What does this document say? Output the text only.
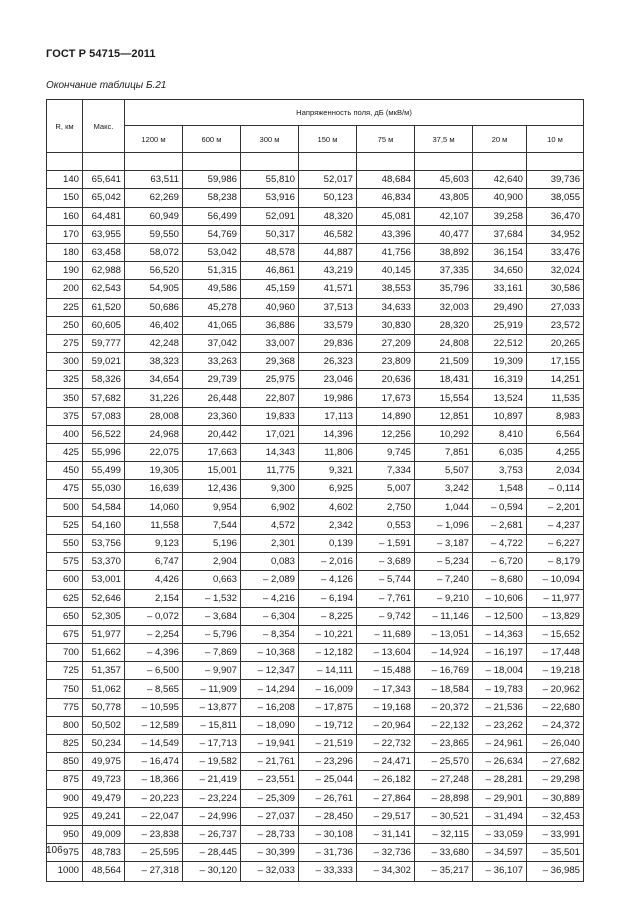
ГОСТ Р 54715—2011
Окончание таблицы Б.21
R, км	Макс.	Напряженность поля, дБ (мкВ/м)							
		1200 м	600 м	300 м	150 м	75 м	37,5 м	20 м	10 м

140	65,641	63,511	59,986	55,810	52,017	48,684	45,603	42,640	39,736
150	65,042	62,269	58,238	53,916	50,123	46,834	43,805	40,900	38,055
160	64,481	60,949	56,499	52,091	48,320	45,081	42,107	39,258	36,470
170	63,955	59,550	54,769	50,317	46,582	43,396	40,477	37,684	34,952
180	63,458	58,072	53,042	48,578	44,887	41,756	38,892	36,154	33,476
190	62,988	56,520	51,315	46,861	43,219	40,145	37,335	34,650	32,024
200	62,543	54,905	49,586	45,159	41,571	38,553	35,796	33,161	30,586
225	61,520	50,686	45,278	40,960	37,513	34,633	32,003	29,490	27,033
250	60,605	46,402	41,065	36,886	33,579	30,830	28,320	25,919	23,572
275	59,777	42,248	37,042	33,007	29,836	27,209	24,808	22,512	20,265
300	59,021	38,323	33,263	29,368	26,323	23,809	21,509	19,309	17,155
325	58,326	34,654	29,739	25,975	23,046	20,636	18,431	16,319	14,251
350	57,682	31,226	26,448	22,807	19,986	17,673	15,554	13,524	11,535
375	57,083	28,008	23,360	19,833	17,113	14,890	12,851	10,897	8,983
400	56,522	24,968	20,442	17,021	14,396	12,256	10,292	8,410	6,564
425	55,996	22,075	17,663	14,343	11,806	9,745	7,851	6,035	4,255
450	55,499	19,305	15,001	11,775	9,321	7,334	5,507	3,753	2,034
475	55,030	16,639	12,436	9,300	6,925	5,007	3,242	1,548	– 0,114
500	54,584	14,060	9,954	6,902	4,602	2,750	1,044	– 0,594	– 2,201
525	54,160	11,558	7,544	4,572	2,342	0,553	– 1,096	– 2,681	– 4,237
550	53,756	9,123	5,196	2,301	0,139	– 1,591	– 3,187	– 4,722	– 6,227
575	53,370	6,747	2,904	0,083	– 2,016	– 3,689	– 5,234	– 6,720	– 8,179
600	53,001	4,426	0,663	– 2,089	– 4,126	– 5,744	– 7,240	– 8,680	– 10,094
625	52,646	2,154	– 1,532	– 4,216	– 6,194	– 7,761	– 9,210	– 10,606	– 11,977
650	52,305	– 0,072	– 3,684	– 6,304	– 8,225	– 9,742	– 11,146	– 12,500	– 13,829
675	51,977	– 2,254	– 5,796	– 8,354	– 10,221	– 11,689	– 13,051	– 14,363	– 15,652
700	51,662	– 4,396	– 7,869	– 10,368	– 12,182	– 13,604	– 14,924	– 16,197	– 17,448
725	51,357	– 6,500	– 9,907	– 12,347	– 14,111	– 15,488	– 16,769	– 18,004	– 19,218
750	51,062	– 8,565	– 11,909	– 14,294	– 16,009	– 17,343	– 18,584	– 19,783	– 20,962
775	50,778	– 10,595	– 13,877	– 16,208	– 17,875	– 19,168	– 20,372	– 21,536	– 22,680
800	50,502	– 12,589	– 15,811	– 18,090	– 19,712	– 20,964	– 22,132	– 23,262	– 24,372
825	50,234	– 14,549	– 17,713	– 19,941	– 21,519	– 22,732	– 23,865	– 24,961	– 26,040
850	49,975	– 16,474	– 19,582	– 21,761	– 23,296	– 24,471	– 25,570	– 26,634	– 27,682
875	49,723	– 18,366	– 21,419	– 23,551	– 25,044	– 26,182	– 27,248	– 28,281	– 29,298
900	49,479	– 20,223	– 23,224	– 25,309	– 26,761	– 27,864	– 28,898	– 29,901	– 30,889
925	49,241	– 22,047	– 24,996	– 27,037	– 28,450	– 29,517	– 30,521	– 31,494	– 32,453
950	49,009	– 23,838	– 26,737	– 28,733	– 30,108	– 31,141	– 32,115	– 33,059	– 33,991
975	48,783	– 25,595	– 28,445	– 30,399	– 31,736	– 32,736	– 33,680	– 34,597	– 35,501
1000	48,564	– 27,318	– 30,120	– 32,033	– 33,333	– 34,302	– 35,217	– 36,107	– 36,985
106
